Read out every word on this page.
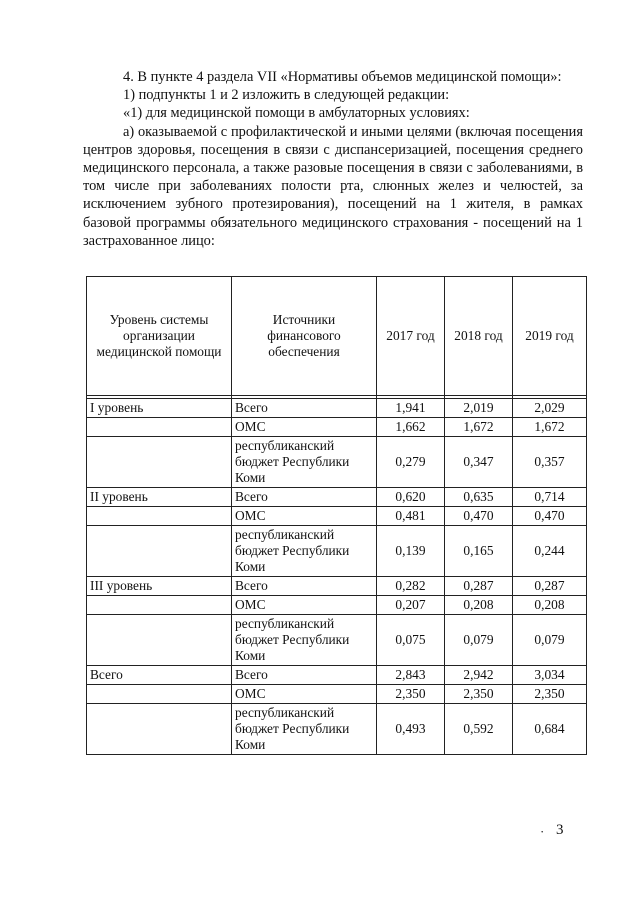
4. В пункте 4 раздела VII «Нормативы объемов медицинской помощи»:

1) подпункты 1 и 2 изложить в следующей редакции:

«1) для медицинской помощи в амбулаторных условиях:

а) оказываемой с профилактической и иными целями (включая посещения центров здоровья, посещения в связи с диспансеризацией, посещения среднего медицинского персонала, а также разовые посещения в связи с заболеваниями, в том числе при заболеваниях полости рта, слюнных желез и челюстей, за исключением зубного протезирования), посещений на 1 жителя, в рамках базовой программы обязательного медицинского страхования - посещений на 1 застрахованное лицо:

Уровень системы организации медицинской помощи	Источники финансового обеспечения	2017 год	2018 год	2019 год

I уровень	Всего	1,941	2,019	2,029
	ОМС	1,662	1,672	1,672
	республиканский бюджет Республики Коми	0,279	0,347	0,357
II уровень	Всего	0,620	0,635	0,714
	ОМС	0,481	0,470	0,470
	республиканский бюджет Республики Коми	0,139	0,165	0,244
III уровень	Всего	0,282	0,287	0,287
	ОМС	0,207	0,208	0,208
	республиканский бюджет Республики Коми	0,075	0,079	0,079
Всего	Всего	2,843	2,942	3,034
	ОМС	2,350	2,350	2,350
	республиканский бюджет Республики Коми	0,493	0,592	0,684
· 3
